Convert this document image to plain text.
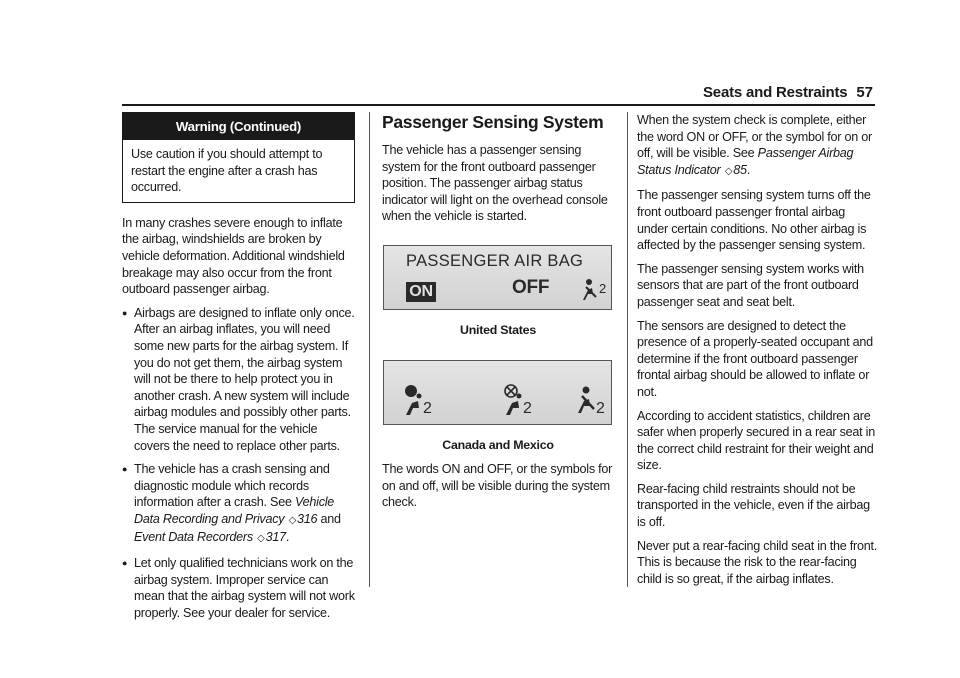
Seats and Restraints 57
Warning (Continued)
Use caution if you should attempt to restart the engine after a crash has occurred.

In many crashes severe enough to inflate the airbag, windshields are broken by vehicle deformation. Additional windshield breakage may also occur from the front outboard passenger airbag.

● Airbags are designed to inflate only once. After an airbag inflates, you will need some new parts for the airbag system. If you do not get them, the airbag system will not be there to help protect you in another crash. A new system will include airbag modules and possibly other parts. The service manual for the vehicle covers the need to replace other parts.
● The vehicle has a crash sensing and diagnostic module which records information after a crash. See Vehicle Data Recording and Privacy ◇316 and Event Data Recorders ◇317.
● Let only qualified technicians work on the airbag system. Improper service can mean that the airbag system will not work properly. See your dealer for service.
Passenger Sensing System

The vehicle has a passenger sensing system for the front outboard passenger position. The passenger airbag status indicator will light on the overhead console when the vehicle is started.

PASSENGER AIR BAG
ON	OFF	2
United States
2	2	2
Canada and Mexico

The words ON and OFF, or the symbols for on and off, will be visible during the system check.

When the system check is complete, either the word ON or OFF, or the symbol for on or off, will be visible. See Passenger Airbag Status Indicator ◇85.

The passenger sensing system turns off the front outboard passenger frontal airbag under certain conditions. No other airbag is affected by the passenger sensing system.

The passenger sensing system works with sensors that are part of the front outboard passenger seat and seat belt.

The sensors are designed to detect the presence of a properly-seated occupant and determine if the front outboard passenger frontal airbag should be allowed to inflate or not.

According to accident statistics, children are safer when properly secured in a rear seat in the correct child restraint for their weight and size.

Rear-facing child restraints should not be transported in the vehicle, even if the airbag is off.

Never put a rear-facing child seat in the front. This is because the risk to the rear-facing child is so great, if the airbag inflates.
